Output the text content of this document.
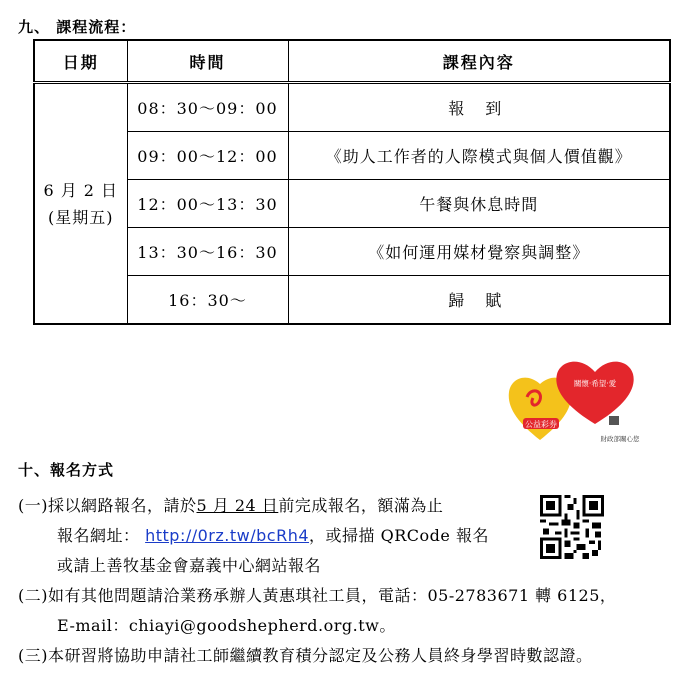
九、 課程流程：
日期	時間	課程內容

6 月 2 日
(星期五)	08：30～09：00	報 到
	09：00～12：00	《助人工作者的人際模式與個人價值觀》
	12：00～13：30	午餐與休息時間
	13：30～16：30	《如何運用媒材覺察與調整》
	16：30～	歸 賦
關懷‧希望‧愛
公益彩券
財政部關心您
十、報名方式
(一)採以網路報名，請於5 月 24 日前完成報名，額滿為止
報名網址： http://0rz.tw/bcRh4，或掃描 QRCode 報名
或請上善牧基金會嘉義中心網站報名
(二)如有其他問題請洽業務承辦人黃惠琪社工員，電話：05-2783671 轉 6125，
E-mail：chiayi@goodshepherd.org.tw。
(三)本研習將協助申請社工師繼續教育積分認定及公務人員終身學習時數認證。
